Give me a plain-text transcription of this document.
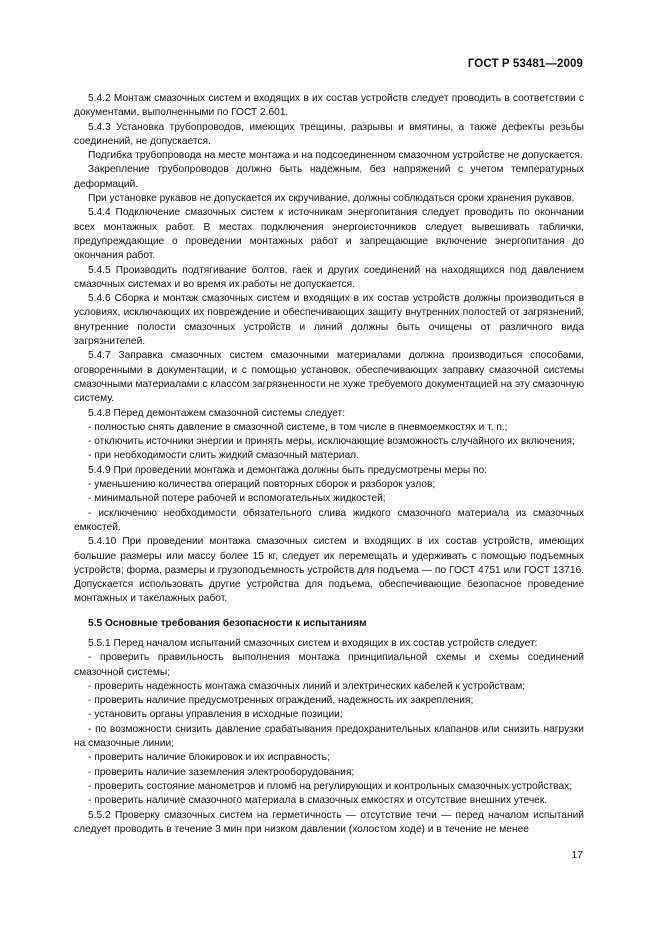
ГОСТ Р 53481—2009

5.4.2 Монтаж смазочных систем и входящих в их состав устройств следует проводить в соответствии с документами, выполненными по ГОСТ 2.601.

5.4.3 Установка трубопроводов, имеющих трещины, разрывы и вмятины, а также дефекты резьбы соединений, не допускается.

Подгибка трубопровода на месте монтажа и на подсоединенном смазочном устройстве не допускается.

Закрепление трубопроводов должно быть надежным, без напряжений с учетом температурных деформаций.

При установке рукавов не допускается их скручивание, должны соблюдаться сроки хранения рукавов.

5.4.4 Подключение смазочных систем к источникам энергопитания следует проводить по окончании всех монтажных работ. В местах подключения энергоисточников следует вывешивать таблички, предупреждающие о проведении монтажных работ и запрещающие включение энергопитания до окончания работ.

5.4.5 Производить подтягивание болтов, гаек и других соединений на находящихся под давлением смазочных системах и во время их работы не допускается.

5.4.6 Сборка и монтаж смазочных систем и входящих в их состав устройств должны производиться в условиях, исключающих их повреждение и обеспечивающих защиту внутренних полостей от загрязнений; внутренние полости смазочных устройств и линий должны быть очищены от различного вида загрязнителей.

5.4.7 Заправка смазочных систем смазочными материалами должна производиться способами, оговоренными в документации, и с помощью установок, обеспечивающих заправку смазочной системы смазочными материалами с классом загрязненности не хуже требуемого документацией на эту смазочную систему.

5.4.8 Перед демонтажем смазочной системы следует:

- полностью снять давление в смазочной системе, в том числе в пневмоемкостях и т. п.;

- отключить источники энергии и принять меры, исключающие возможность случайного их включения;

- при необходимости слить жидкий смазочный материал.

5.4.9 При проведении монтажа и демонтажа должны быть предусмотрены меры по:

- уменьшению количества операций повторных сборок и разборок узлов;

- минимальной потере рабочей и вспомогательных жидкостей;

- исключению необходимости обязательного слива жидкого смазочного материала из смазочных емкостей.

5.4.10 При проведении монтажа смазочных систем и входящих в их состав устройств, имеющих большие размеры или массу более 15 кг, следует их перемещать и удерживать с помощью подъемных устройств; форма, размеры и грузоподъемность устройств для подъема — по ГОСТ 4751 или ГОСТ 13716. Допускается использовать другие устройства для подъема, обеспечивающие безопасное проведение монтажных и такелажных работ.

5.5 Основные требования безопасности к испытаниям

5.5.1 Перед началом испытаний смазочных систем и входящих в их состав устройств следует:

- проверить правильность выполнения монтажа принципиальной схемы и схемы соединений смазочной системы;

- проверить надежность монтажа смазочных линий и электрических кабелей к устройствам;

- проверить наличие предусмотренных ограждений, надежность их закрепления;

- установить органы управления в исходные позиции;

- по возможности снизить давление срабатывания предохранительных клапанов или снизить нагрузки на смазочные линии;

- проверить наличие блокировок и их исправность;

- проверить наличие заземления электрооборудования;

- проверить состояние манометров и пломб на регулирующих и контрольных смазочных устройствах;

- проверить наличие смазочного материала в смазочных емкостях и отсутствие внешних утечек.

5.5.2 Проверку смазочных систем на герметичность — отсутствие течи — перед началом испытаний следует проводить в течение 3 мин при низком давлении (холостом ходе) и в течение не менее

17
